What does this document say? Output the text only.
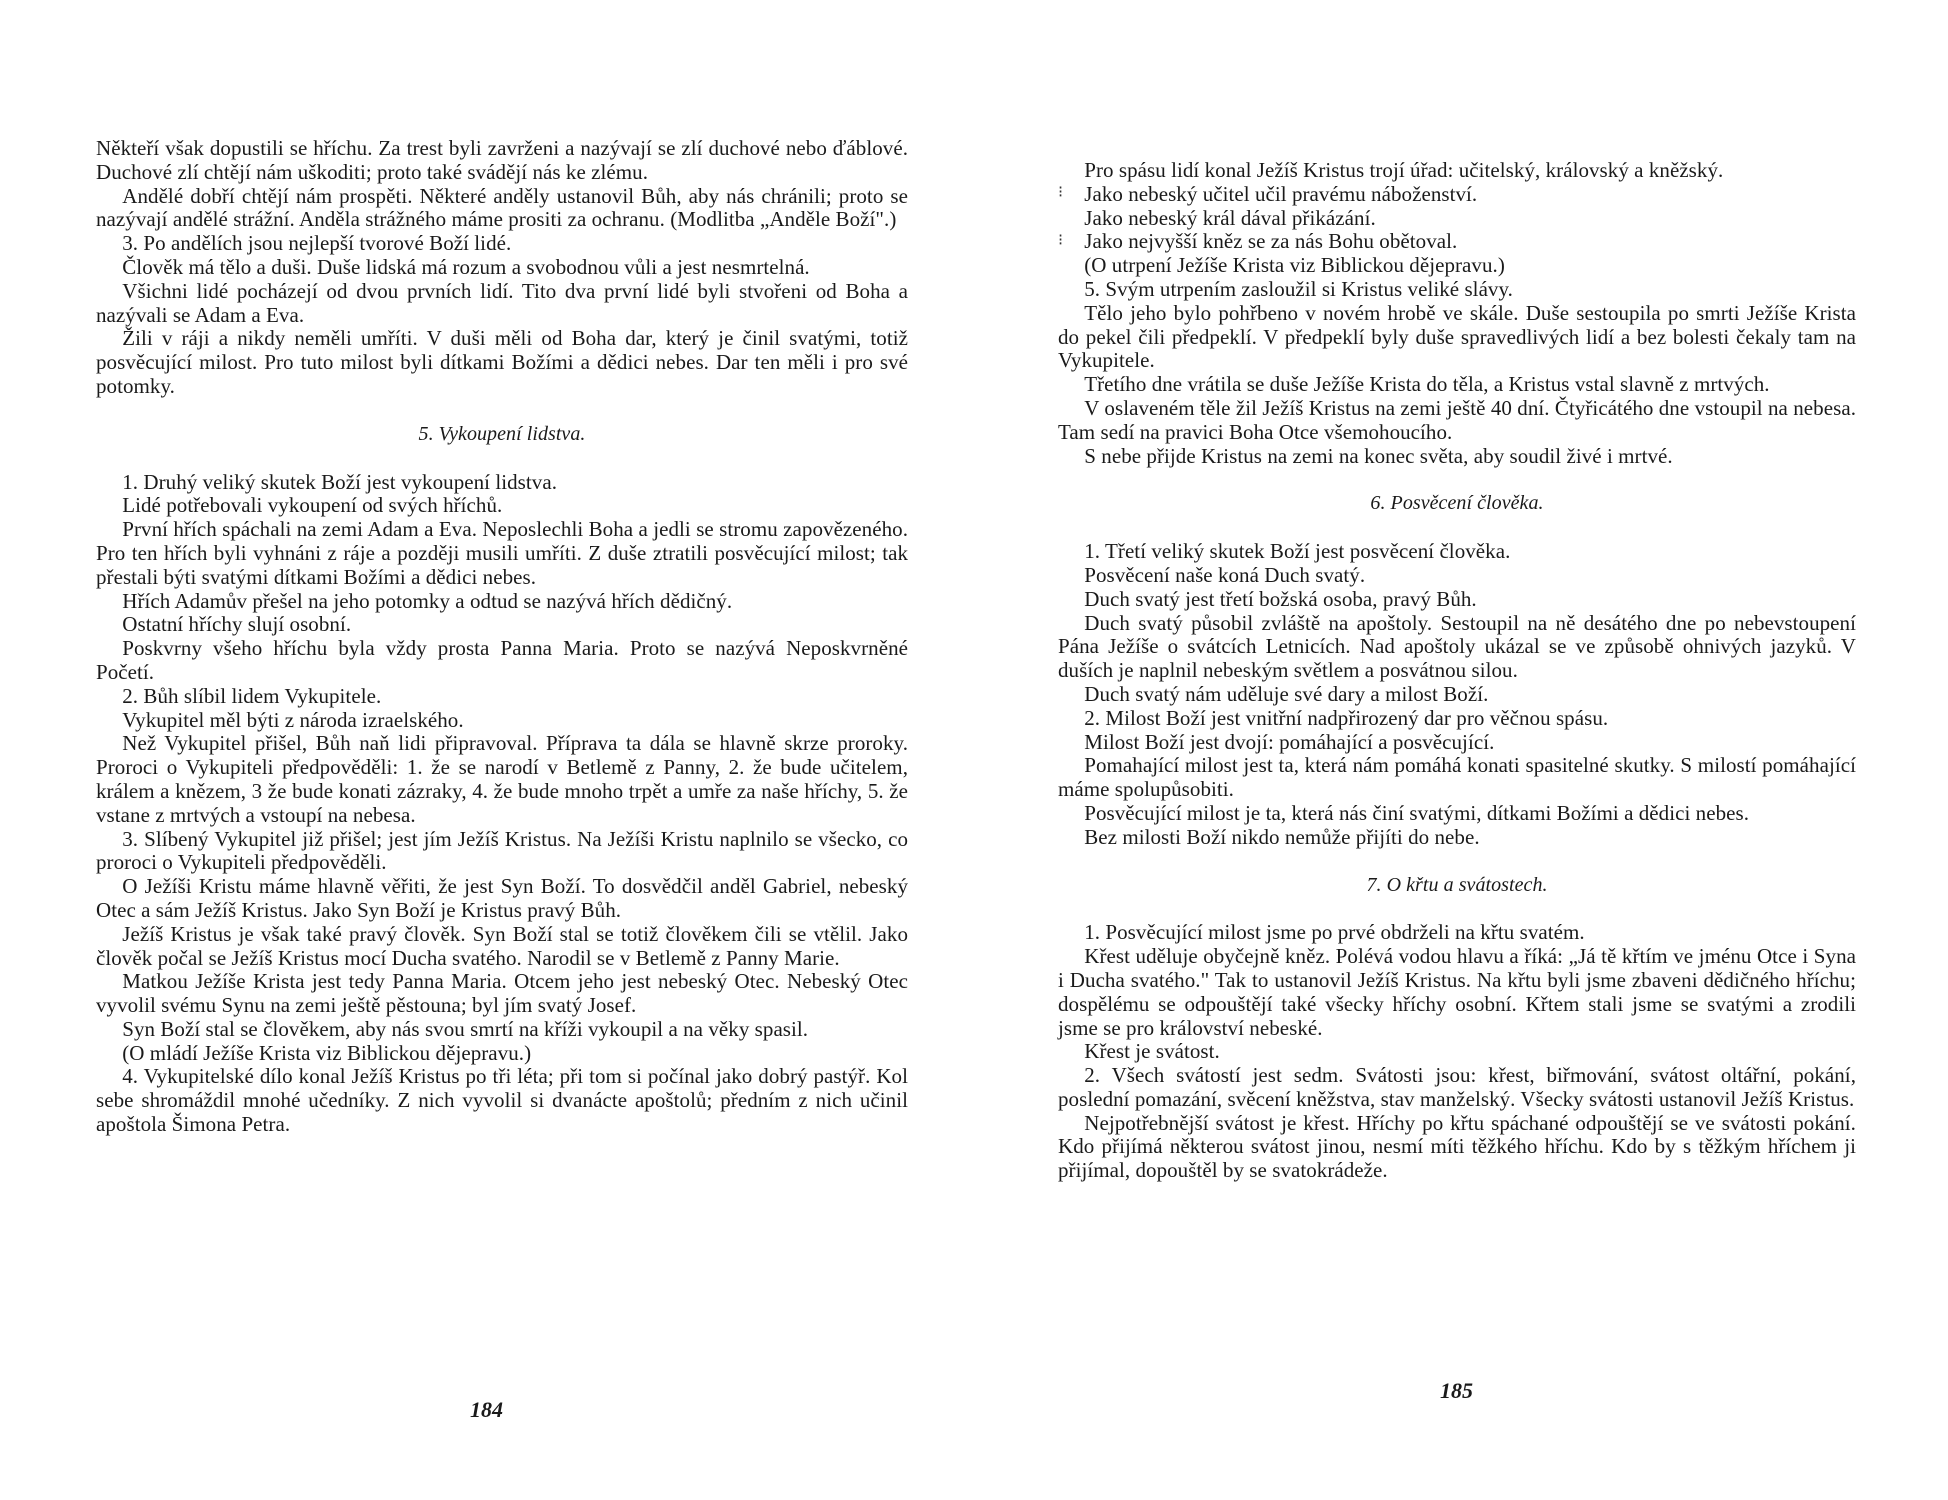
Někteří však dopustili se hříchu. Za trest byli zavrženi a nazývají se zlí duchové nebo ďáblové. Duchové zlí chtějí nám uškoditi; proto také svádějí nás ke zlému.

Andělé dobří chtějí nám prospěti. Některé anděly ustanovil Bůh, aby nás chránili; proto se nazývají andělé strážní. Anděla strážného máme prositi za ochranu. (Modlitba „Anděle Boží".)

3. Po andělích jsou nejlepší tvorové Boží lidé.

Člověk má tělo a duši. Duše lidská má rozum a svobodnou vůli a jest nesmrtelná.

Všichni lidé pocházejí od dvou prvních lidí. Tito dva první lidé byli stvořeni od Boha a nazývali se Adam a Eva.

Žili v ráji a nikdy neměli umříti. V duši měli od Boha dar, který je činil svatými, totiž posvěcující milost. Pro tuto milost byli dítkami Božími a dědici nebes. Dar ten měli i pro své potomky.

5. Vykoupení lidstva.

1. Druhý veliký skutek Boží jest vykoupení lidstva.

Lidé potřebovali vykoupení od svých hříchů.

První hřích spáchali na zemi Adam a Eva. Neposlechli Boha a jedli se stromu zapovězeného. Pro ten hřích byli vyhnáni z ráje a později musili umříti. Z duše ztratili posvěcující milost; tak přestali býti svatými dítkami Božími a dědici nebes.

Hřích Adamův přešel na jeho potomky a odtud se nazývá hřích dědičný.

Ostatní hříchy slují osobní.

Poskvrny všeho hříchu byla vždy prosta Panna Maria. Proto se nazývá Neposkvrněné Početí.

2. Bůh slíbil lidem Vykupitele.

Vykupitel měl býti z národa izraelského.

Než Vykupitel přišel, Bůh naň lidi připravoval. Příprava ta dála se hlavně skrze proroky. Proroci o Vykupiteli předpověděli: 1. že se narodí v Betlemě z Panny, 2. že bude učitelem, králem a knězem, 3 že bude konati zázraky, 4. že bude mnoho trpět a umře za naše hříchy, 5. že vstane z mrtvých a vstoupí na nebesa.

3. Slíbený Vykupitel již přišel; jest jím Ježíš Kristus. Na Ježíši Kristu naplnilo se všecko, co proroci o Vykupiteli předpověděli.

O Ježíši Kristu máme hlavně věřiti, že jest Syn Boží. To dosvědčil anděl Gabriel, nebeský Otec a sám Ježíš Kristus. Jako Syn Boží je Kristus pravý Bůh.

Ježíš Kristus je však také pravý člověk. Syn Boží stal se totiž člověkem čili se vtělil. Jako člověk počal se Ježíš Kristus mocí Ducha svatého. Narodil se v Betlemě z Panny Marie.

Matkou Ježíše Krista jest tedy Panna Maria. Otcem jeho jest nebeský Otec. Nebeský Otec vyvolil svému Synu na zemi ještě pěstouna; byl jím svatý Josef.

Syn Boží stal se člověkem, aby nás svou smrtí na kříži vykoupil a na věky spasil.

(O mládí Ježíše Krista viz Biblickou dějepravu.)

4. Vykupitelské dílo konal Ježíš Kristus po tři léta; při tom si počínal jako dobrý pastýř. Kol sebe shromáždil mnohé učedníky. Z nich vyvolil si dvanácte apoštolů; předním z nich učinil apoštola Šimona Petra.

184
⁝
⁝

Pro spásu lidí konal Ježíš Kristus trojí úřad: učitelský, královský a kněžský.

Jako nebeský učitel učil pravému náboženství.

Jako nebeský král dával přikázání.

Jako nejvyšší kněz se za nás Bohu obětoval.

(O utrpení Ježíše Krista viz Biblickou dějepravu.)

5. Svým utrpením zasloužil si Kristus veliké slávy.

Tělo jeho bylo pohřbeno v novém hrobě ve skále. Duše sestoupila po smrti Ježíše Krista do pekel čili předpeklí. V předpeklí byly duše spravedlivých lidí a bez bolesti čekaly tam na Vykupitele.

Třetího dne vrátila se duše Ježíše Krista do těla, a Kristus vstal slavně z mrtvých.

V oslaveném těle žil Ježíš Kristus na zemi ještě 40 dní. Čtyřicátého dne vstoupil na nebesa. Tam sedí na pravici Boha Otce všemohoucího.

S nebe přijde Kristus na zemi na konec světa, aby soudil živé i mrtvé.

6. Posvěcení člověka.

1. Třetí veliký skutek Boží jest posvěcení člověka.

Posvěcení naše koná Duch svatý.

Duch svatý jest třetí božská osoba, pravý Bůh.

Duch svatý působil zvláště na apoštoly. Sestoupil na ně desátého dne po nebevstoupení Pána Ježíše o svátcích Letnicích. Nad apoštoly ukázal se ve způsobě ohnivých jazyků. V duších je naplnil nebeským světlem a posvátnou silou.

Duch svatý nám uděluje své dary a milost Boží.

2. Milost Boží jest vnitřní nadpřirozený dar pro věčnou spásu.

Milost Boží jest dvojí: pomáhající a posvěcující.

Pomahající milost jest ta, která nám pomáhá konati spasitelné skutky. S milostí pomáhající máme spolupůsobiti.

Posvěcující milost je ta, která nás činí svatými, dítkami Božími a dědici nebes.

Bez milosti Boží nikdo nemůže přijíti do nebe.

7. O křtu a svátostech.

1. Posvěcující milost jsme po prvé obdrželi na křtu svatém.

Křest uděluje obyčejně kněz. Polévá vodou hlavu a říká: „Já tě křtím ve jménu Otce i Syna i Ducha svatého." Tak to ustanovil Ježíš Kristus. Na křtu byli jsme zbaveni dědičného hříchu; dospělému se odpouštějí také všecky hříchy osobní. Křtem stali jsme se svatými a zrodili jsme se pro království nebeské.

Křest je svátost.

2. Všech svátostí jest sedm. Svátosti jsou: křest, biřmování, svátost oltářní, pokání, poslední pomazání, svěcení kněžstva, stav manželský. Všecky svátosti ustanovil Ježíš Kristus.

Nejpotřebnější svátost je křest. Hříchy po křtu spáchané odpouštějí se ve svátosti pokání. Kdo přijímá některou svátost jinou, nesmí míti těžkého hříchu. Kdo by s těžkým hříchem ji přijímal, dopouštěl by se svatokrádeže.

185
